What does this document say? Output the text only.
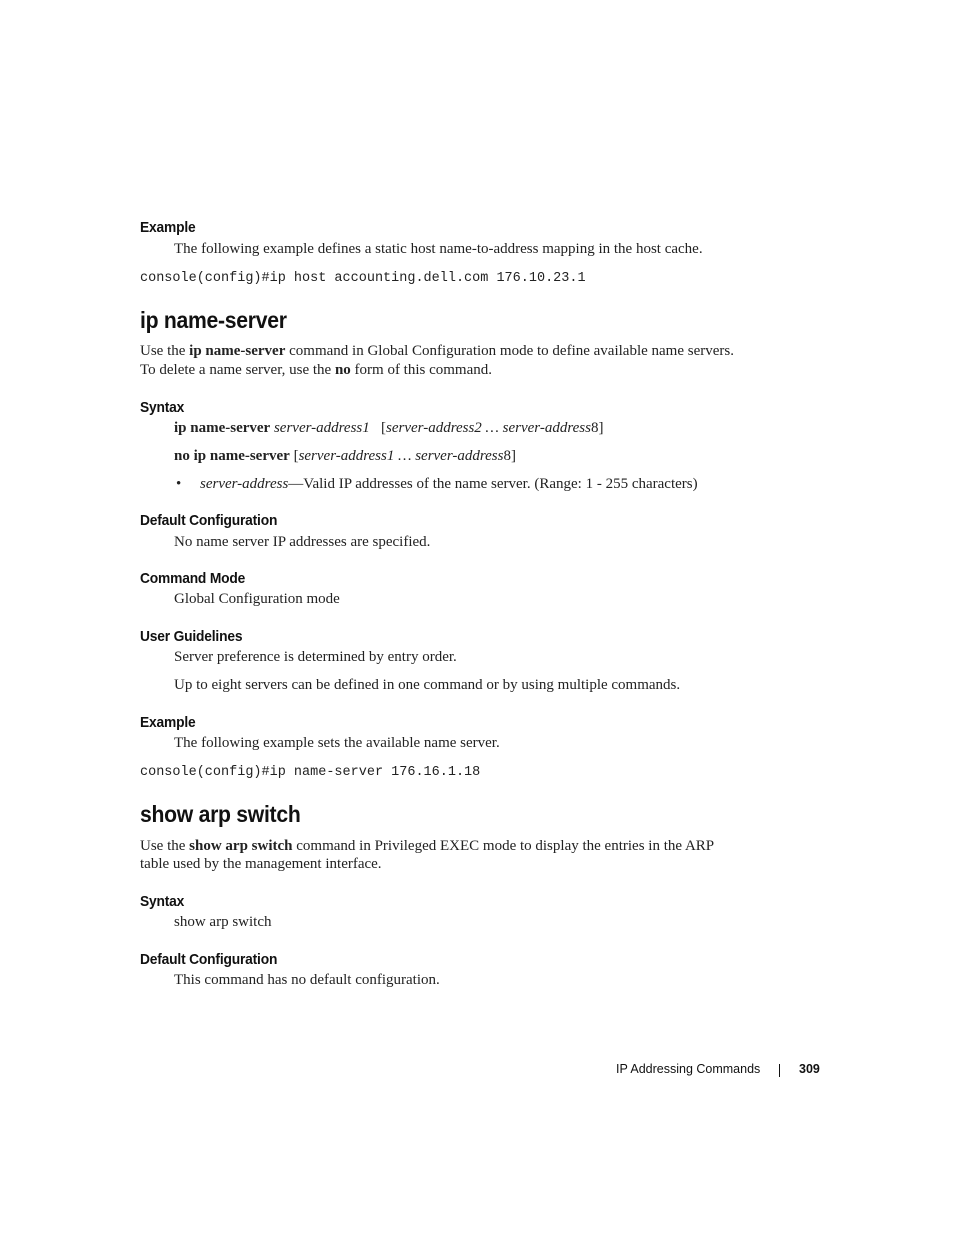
Example
The following example defines a static host name-to-address mapping in the host cache.
console(config)#ip host accounting.dell.com 176.10.23.1
ip name-server
Use the ip name-server command in Global Configuration mode to define available name servers.
To delete a name server, use the no form of this command.
Syntax
ip name-server server-address1 [server-address2 … server-address8]
no ip name-server [server-address1 … server-address8]
• server-address—Valid IP addresses of the name server. (Range: 1 - 255 characters)
Default Configuration
No name server IP addresses are specified.
Command Mode
Global Configuration mode
User Guidelines
Server preference is determined by entry order.
Up to eight servers can be defined in one command or by using multiple commands.
Example
The following example sets the available name server.
console(config)#ip name-server 176.16.1.18
show arp switch
Use the show arp switch command in Privileged EXEC mode to display the entries in the ARP
table used by the management interface.
Syntax
show arp switch
Default Configuration
This command has no default configuration.
IP Addressing Commands	309
